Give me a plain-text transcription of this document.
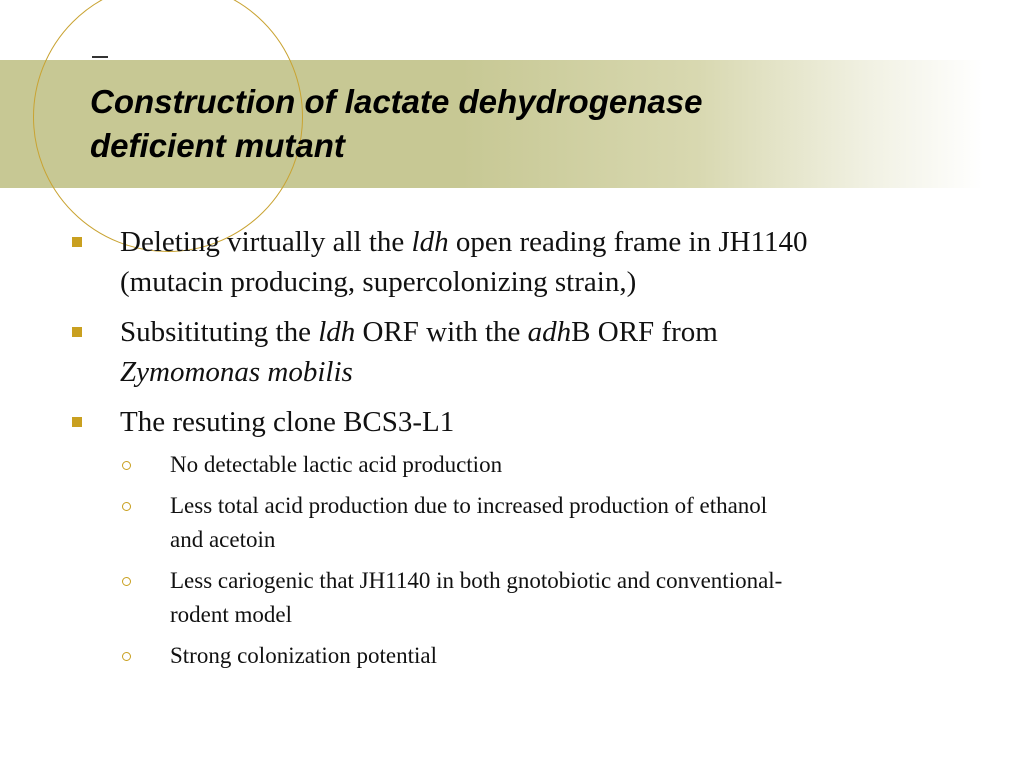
Construction of lactate dehydrogenase
deficient mutant

Deleting virtually all the ldh open reading frame in JH1140

(mutacin producing, supercolonizing strain,)

Subsitituting the ldh ORF with the adhB ORF from

Zymomonas mobilis

The resuting clone BCS3-L1

No detectable lactic acid production

Less total acid production due to increased production of ethanol

and acetoin

Less cariogenic that JH1140 in both gnotobiotic and conventional-

rodent model

Strong colonization potential
